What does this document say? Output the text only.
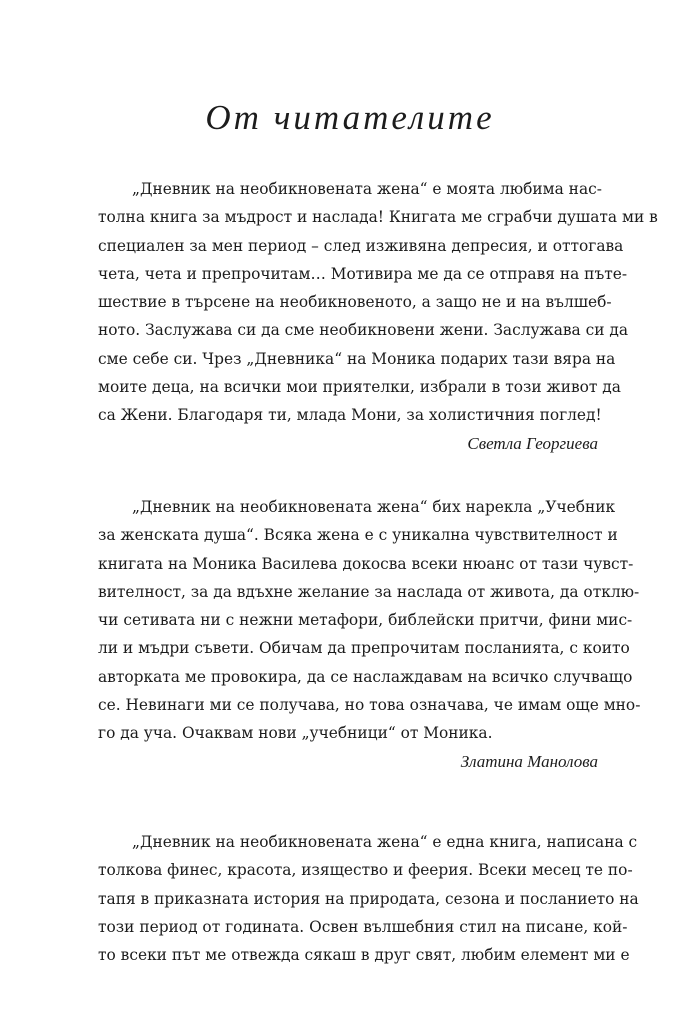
От читателите
„Дневник на необикновената жена“ е моята любима нас-
толна книга за мъдрост и наслада! Книгата ме сграбчи душата ми в
специален за мен период – след изживяна депресия, и оттогава
чета, чета и препрочитам… Мотивира ме да се отправя на пъте-
шествие в търсене на необикновеното, а защо не и на вълшеб-
ното. Заслужава си да сме необикновени жени. Заслужава си да
сме себе си. Чрез „Дневника“ на Моника подарих тази вяра на
моите деца, на всички мои приятелки, избрали в този живот да
са Жени. Благодаря ти, млада Мони, за холистичния поглед!
Светла Георгиева
„Дневник на необикновената жена“ бих нарекла „Учебник
за женската душа“. Всяка жена е с уникална чувствителност и
книгата на Моника Василева докосва всеки нюанс от тази чувст-
вителност, за да вдъхне желание за наслада от живота, да отклю-
чи сетивата ни с нежни метафори, библейски притчи, фини мис-
ли и мъдри съвети. Обичам да препрочитам посланията, с които
авторката ме провокира, да се наслаждавам на всичко случващо
се. Невинаги ми се получава, но това означава, че имам още мно-
го да уча. Очаквам нови „учебници“ от Моника.
Златина Манолова
„Дневник на необикновената жена“ е една книга, написана с
толкова финес, красота, изящество и феерия. Всеки месец те по-
тапя в приказната история на природата, сезона и посланието на
този период от годината. Освен вълшебния стил на писане, кой-
то всеки път ме отвежда сякаш в друг свят, любим елемент ми е
